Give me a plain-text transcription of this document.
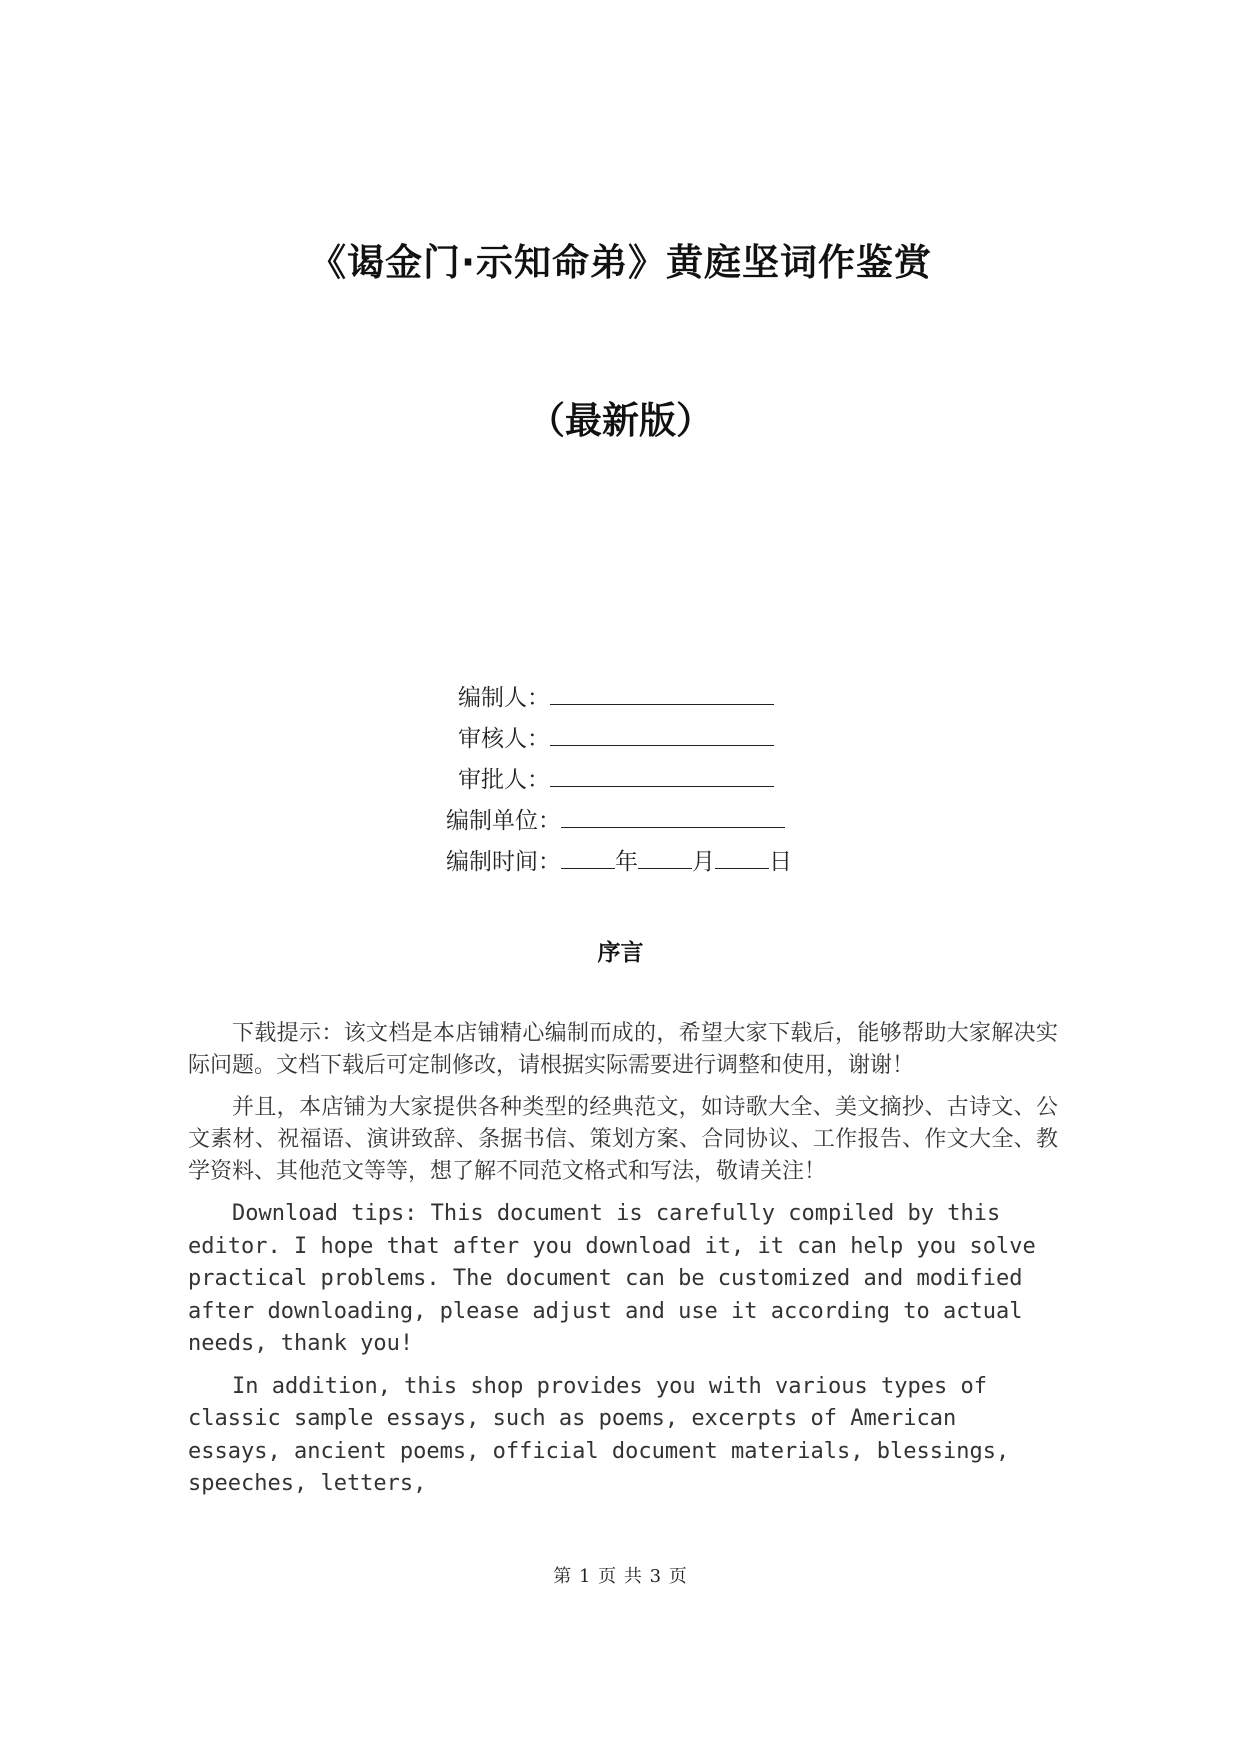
《谒金门·示知命弟》黄庭坚词作鉴赏
（最新版）
编制人：
审核人：
审批人：
编制单位：
编制时间： 年 月 日
序言

下载提示：该文档是本店铺精心编制而成的，希望大家下载后，能够帮助大家解决实际问题。文档下载后可定制修改，请根据实际需要进行调整和使用，谢谢！

并且，本店铺为大家提供各种类型的经典范文，如诗歌大全、美文摘抄、古诗文、公文素材、祝福语、演讲致辞、条据书信、策划方案、合同协议、工作报告、作文大全、教学资料、其他范文等等，想了解不同范文格式和写法，敬请关注！

Download tips: This document is carefully compiled by this editor. I hope that after you download it, it can help you solve practical problems. The document can be customized and modified after downloading, please adjust and use it according to actual needs, thank you!

In addition, this shop provides you with various types of classic sample essays, such as poems, excerpts of American essays, ancient poems, official document materials, blessings, speeches, letters,

第 1 页 共 3 页
